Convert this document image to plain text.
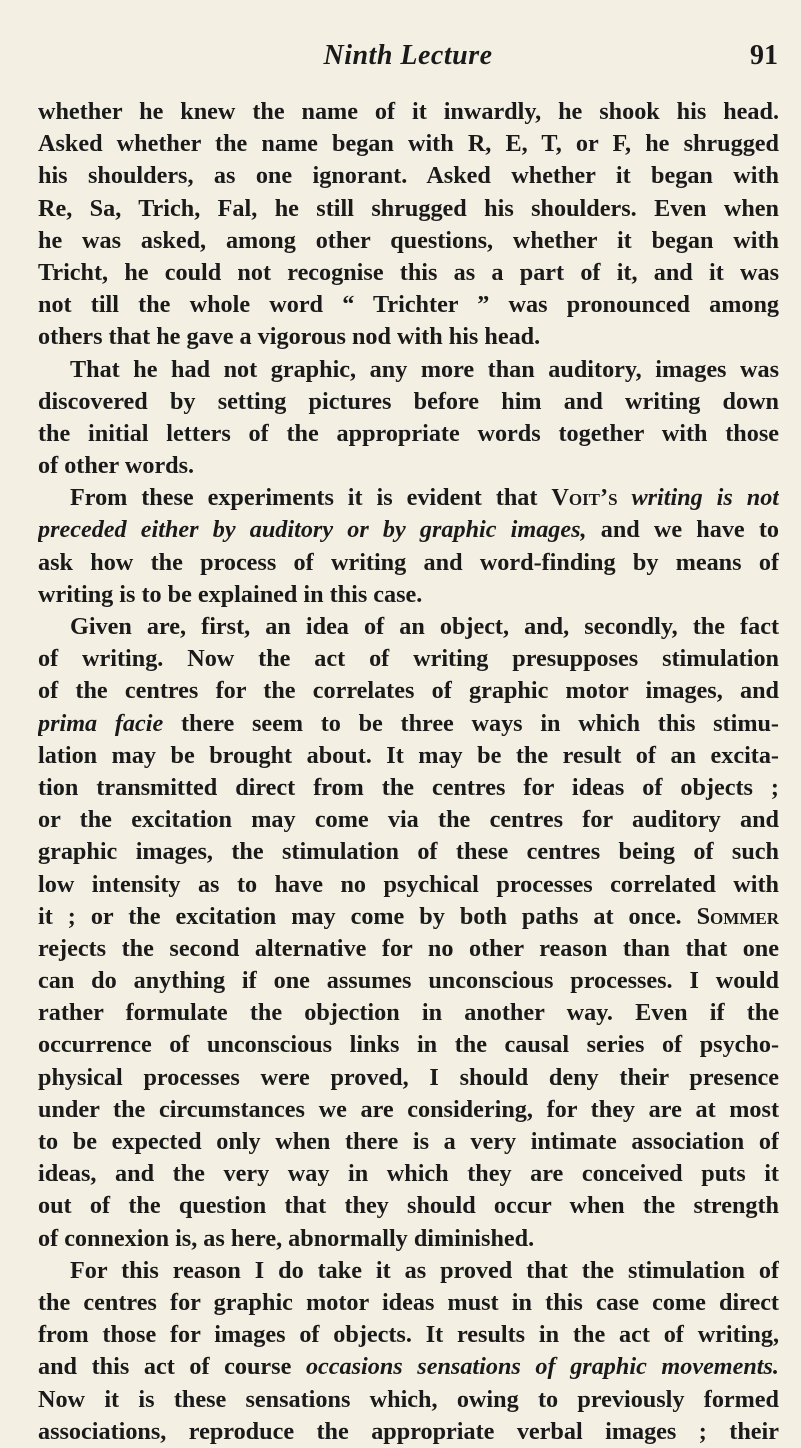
Ninth Lecture	91
whether he knew the name of it inwardly, he shook his head.
Asked whether the name began with R, E, T, or F, he shrugged
his shoulders, as one ignorant. Asked whether it began with
Re, Sa, Trich, Fal, he still shrugged his shoulders. Even when
he was asked, among other questions, whether it began with
Tricht, he could not recognise this as a part of it, and it was
not till the whole word “ Trichter ” was pronounced among
others that he gave a vigorous nod with his head.
That he had not graphic, any more than auditory, images was
discovered by setting pictures before him and writing down
the initial letters of the appropriate words together with those
of other words.
From these experiments it is evident that Voit’s writing is not
preceded either by auditory or by graphic images, and we have to
ask how the process of writing and word-finding by means of
writing is to be explained in this case.
Given are, first, an idea of an object, and, secondly, the fact
of writing. Now the act of writing presupposes stimulation
of the centres for the correlates of graphic motor images, and
prima facie there seem to be three ways in which this stimu-
lation may be brought about. It may be the result of an excita-
tion transmitted direct from the centres for ideas of objects ;
or the excitation may come via the centres for auditory and
graphic images, the stimulation of these centres being of such
low intensity as to have no psychical processes correlated with
it ; or the excitation may come by both paths at once. Sommer
rejects the second alternative for no other reason than that one
can do anything if one assumes unconscious processes. I would
rather formulate the objection in another way. Even if the
occurrence of unconscious links in the causal series of psycho-
physical processes were proved, I should deny their presence
under the circumstances we are considering, for they are at most
to be expected only when there is a very intimate association of
ideas, and the very way in which they are conceived puts it
out of the question that they should occur when the strength
of connexion is, as here, abnormally diminished.
For this reason I do take it as proved that the stimulation of
the centres for graphic motor ideas must in this case come direct
from those for images of objects. It results in the act of writing,
and this act of course occasions sensations of graphic movements.
Now it is these sensations which, owing to previously formed
associations, reproduce the appropriate verbal images ; their
